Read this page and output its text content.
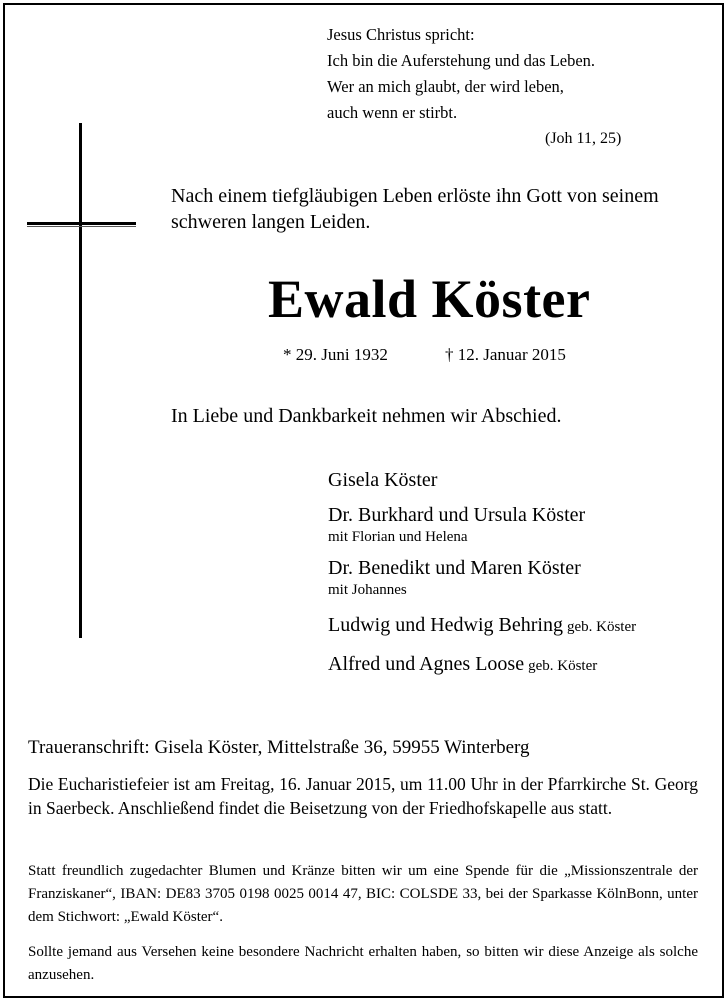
Jesus Christus spricht:
Ich bin die Auferstehung und das Leben.
Wer an mich glaubt, der wird leben,
auch wenn er stirbt.
(Joh 11, 25)
Nach einem tiefgläubigen Leben erlöste ihn Gott von seinem
schweren langen Leiden.
Ewald Köster
* 29. Juni 1932	† 12. Januar 2015
In Liebe und Dankbarkeit nehmen wir Abschied.
Gisela Köster
Dr. Burkhard und Ursula Köster
mit Florian und Helena
Dr. Benedikt und Maren Köster
mit Johannes
Ludwig und Hedwig Behring geb. Köster
Alfred und Agnes Loose geb. Köster
Traueranschrift: Gisela Köster, Mittelstraße 36, 59955 Winterberg
Die Eucharistiefeier ist am Freitag, 16. Januar 2015, um 11.00 Uhr in der Pfarrkirche St. Georg in Saerbeck. Anschließend findet die Beisetzung von der Friedhofskapelle aus statt.
Statt freundlich zugedachter Blumen und Kränze bitten wir um eine Spende für die „Missionszentrale der Franziskaner“, IBAN: DE83 3705 0198 0025 0014 47, BIC: COLSDE 33, bei der Sparkasse KölnBonn, unter dem Stichwort: „Ewald Köster“.
Sollte jemand aus Versehen keine besondere Nachricht erhalten haben, so bitten wir diese Anzeige als solche anzusehen.
